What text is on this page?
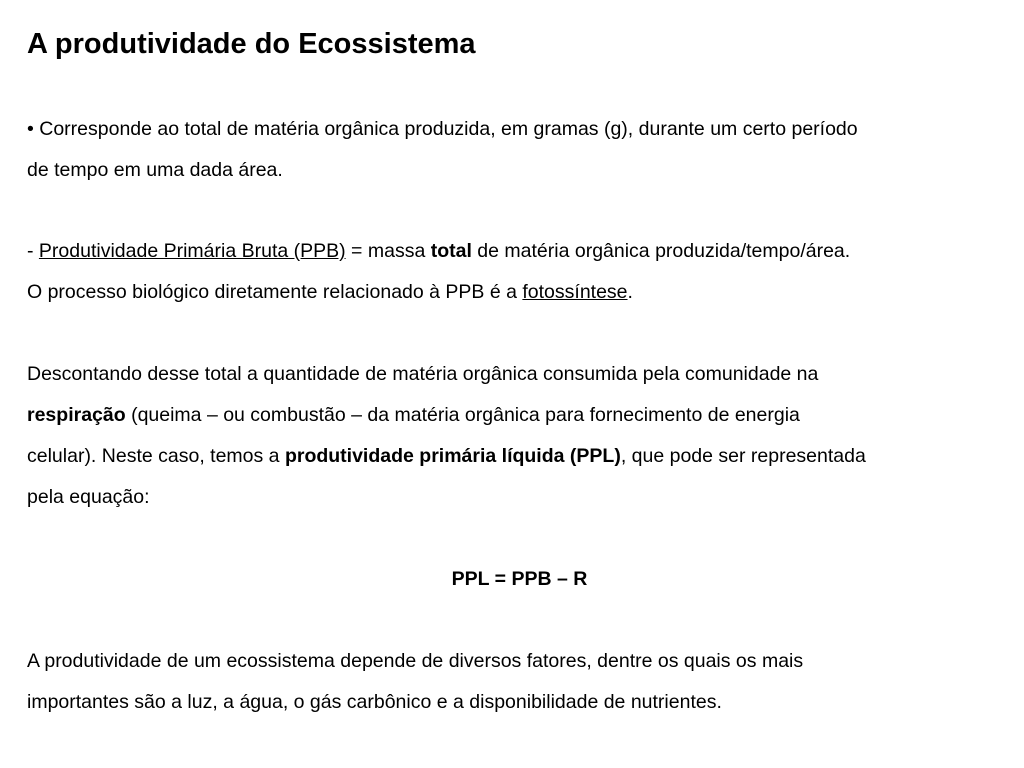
A produtividade do Ecossistema

• Corresponde ao total de matéria orgânica produzida, em gramas (g), durante um certo período
de tempo em uma dada área.

- Produtividade Primária Bruta (PPB) = massa total de matéria orgânica produzida/tempo/área.
O processo biológico diretamente relacionado à PPB é a fotossíntese.

Descontando desse total a quantidade de matéria orgânica consumida pela comunidade na
respiração (queima – ou combustão – da matéria orgânica para fornecimento de energia
celular). Neste caso, temos a produtividade primária líquida (PPL), que pode ser representada
pela equação:

PPL = PPB – R

A produtividade de um ecossistema depende de diversos fatores, dentre os quais os mais
importantes são a luz, a água, o gás carbônico e a disponibilidade de nutrientes.
